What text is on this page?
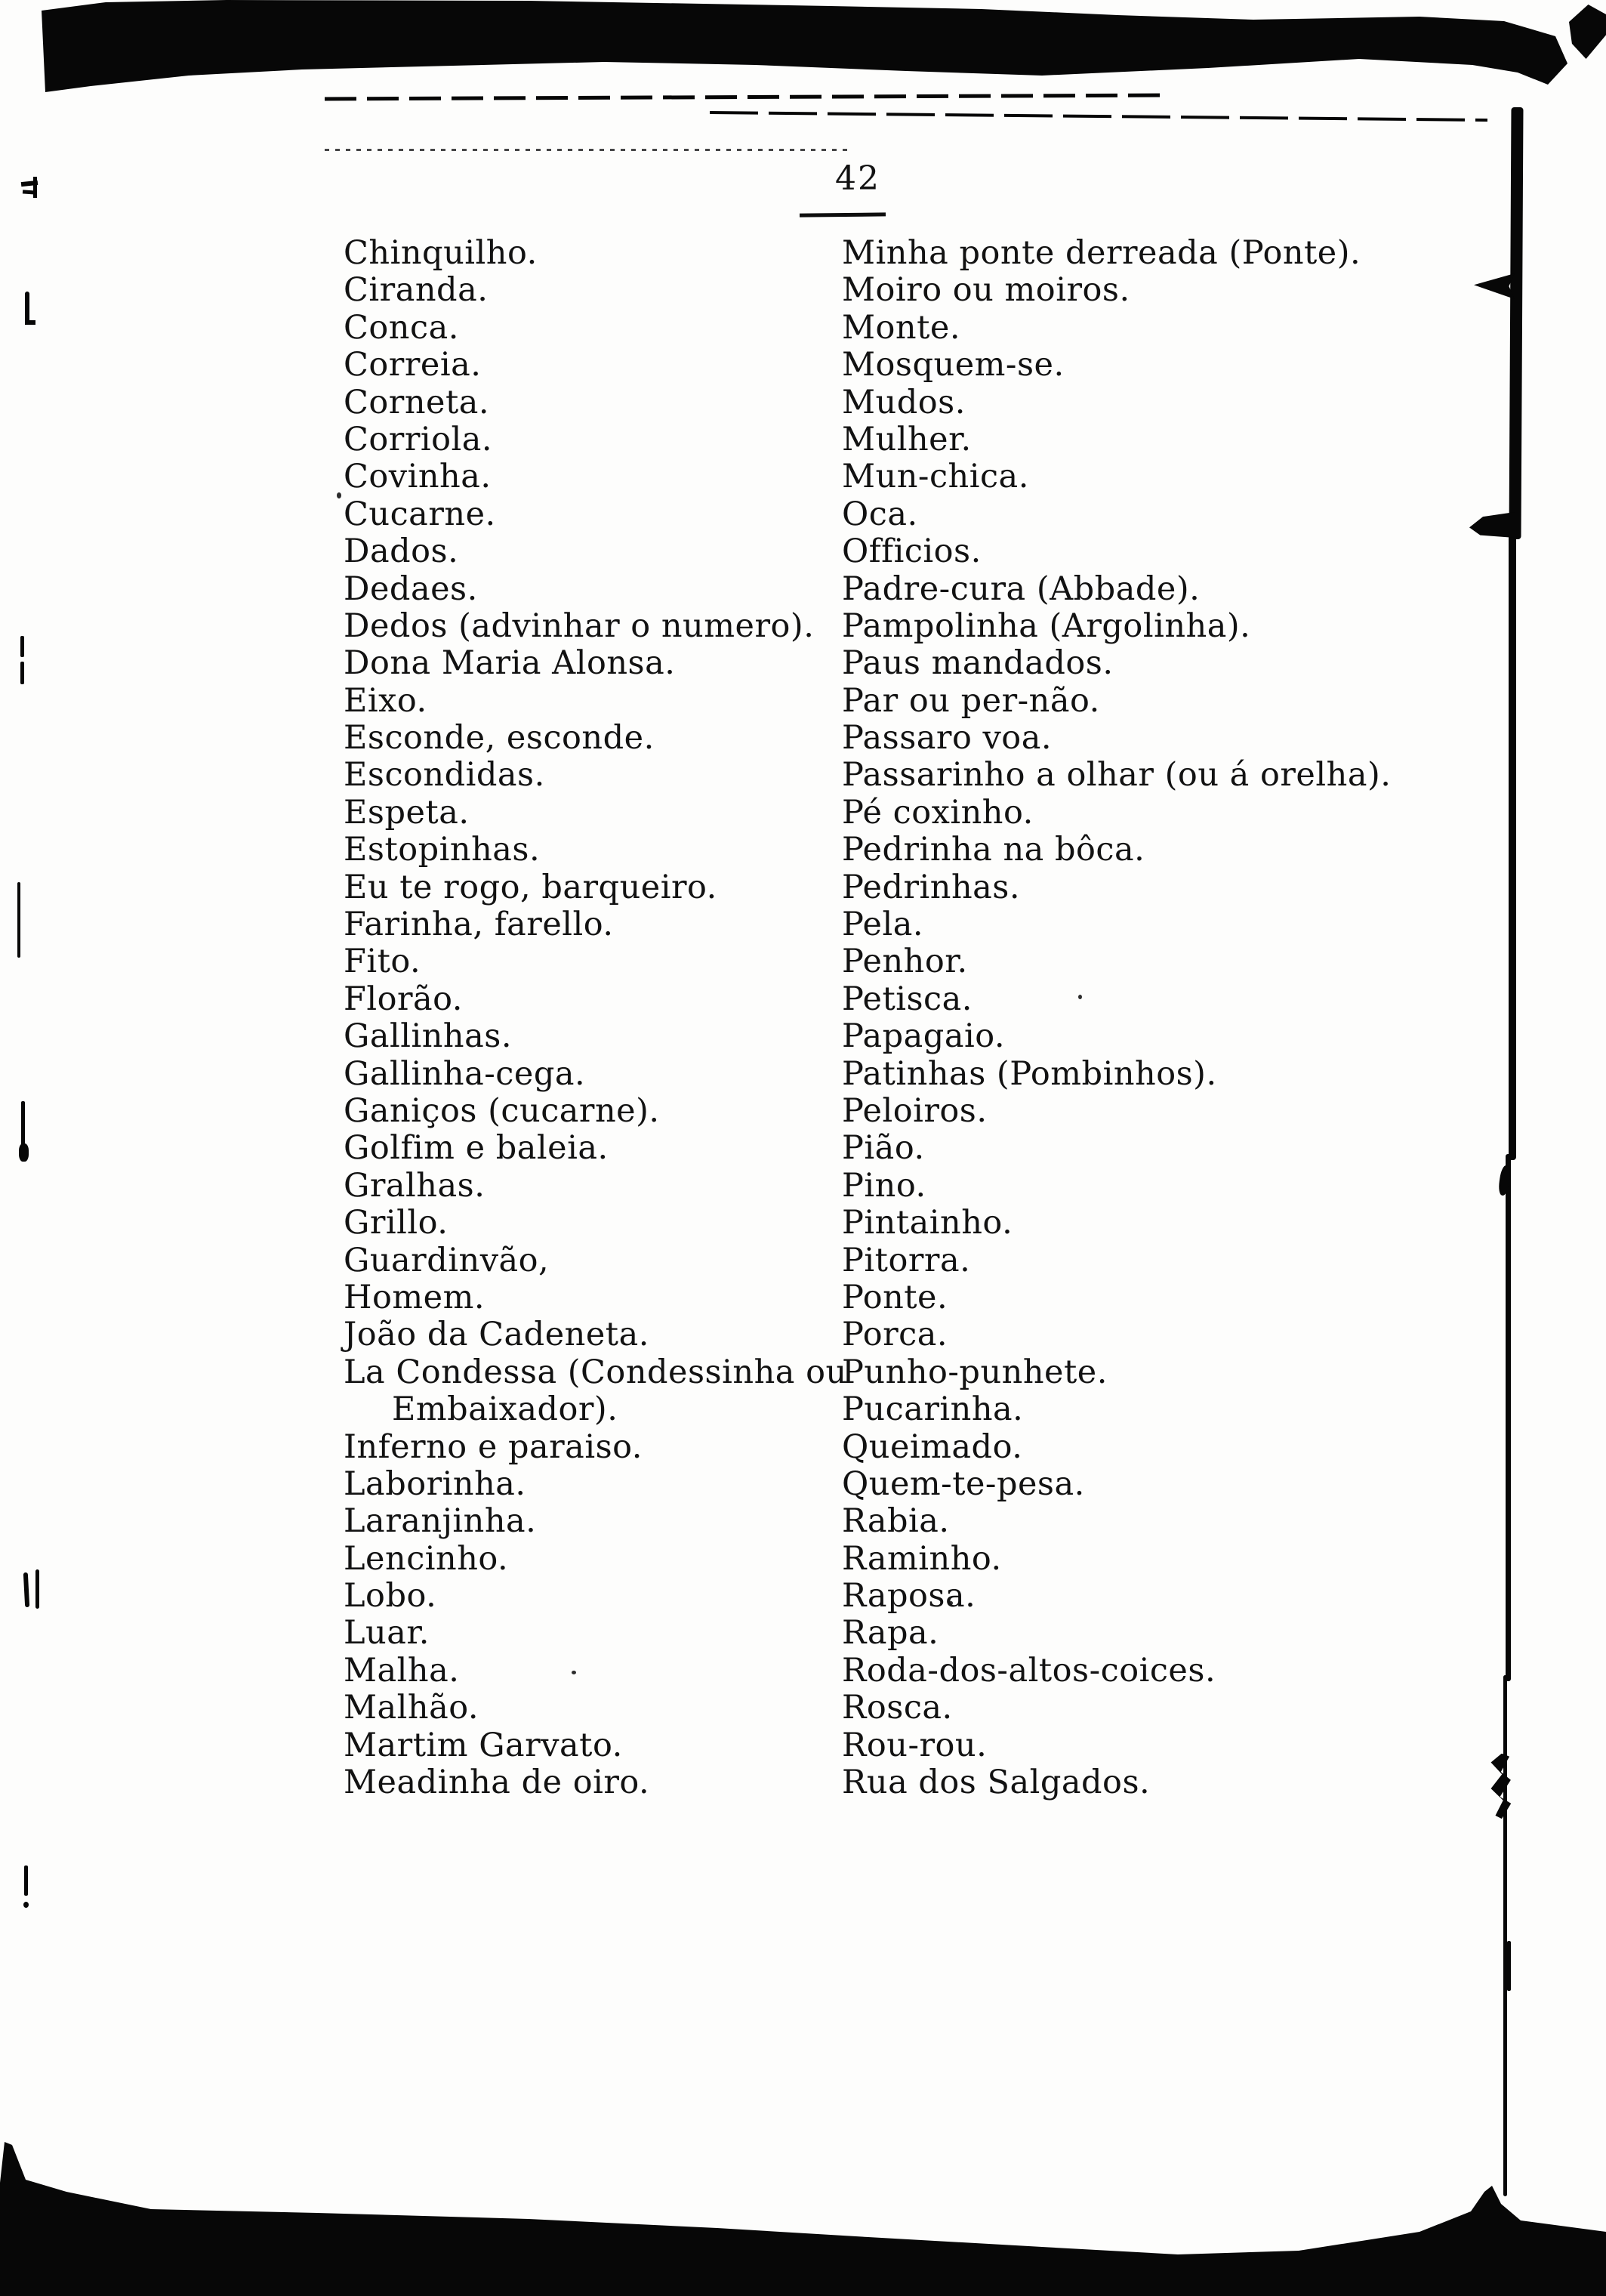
42
Chinquilho.
Ciranda.
Conca.
Correia.
Corneta.
Corriola.
Covinha.
Cucarne.
Dados.
Dedaes.
Dedos (advinhar o numero).
Dona Maria Alonsa.
Eixo.
Esconde, esconde.
Escondidas.
Espeta.
Estopinhas.
Eu te rogo, barqueiro.
Farinha, farello.
Fito.
Florão.
Gallinhas.
Gallinha-cega.
Ganiços (cucarne).
Golfim e baleia.
Gralhas.
Grillo.
Guardinvão,
Homem.
João da Cadeneta.
La Condessa (Condessinha ou
Embaixador).
Inferno e paraiso.
Laborinha.
Laranjinha.
Lencinho.
Lobo.
Luar.
Malha.
Malhão.
Martim Garvato.
Meadinha de oiro.
Minha ponte derreada (Ponte).
Moiro ou moiros.
Monte.
Mosquem-se.
Mudos.
Mulher.
Mun-chica.
Oca.
Officios.
Padre-cura (Abbade).
Pampolinha (Argolinha).
Paus mandados.
Par ou per-não.
Passaro voa.
Passarinho a olhar (ou á orelha).
Pé coxinho.
Pedrinha na bôca.
Pedrinhas.
Pela.
Penhor.
Petisca.
Papagaio.
Patinhas (Pombinhos).
Peloiros.
Pião.
Pino.
Pintainho.
Pitorra.
Ponte.
Porca.
Punho-punhete.
Pucarinha.
Queimado.
Quem-te-pesa.
Rabia.
Raminho.
Raposa.
Rapa.
Roda-dos-altos-coices.
Rosca.
Rou-rou.
Rua dos Salgados.
